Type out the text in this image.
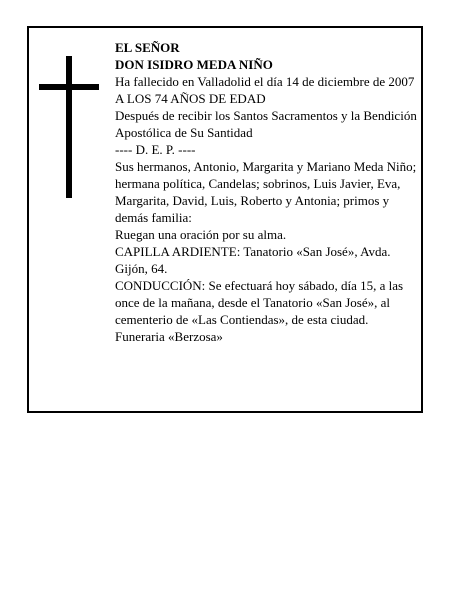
EL SEÑOR

DON ISIDRO MEDA NIÑO

Ha fallecido en Valladolid el día 14 de diciembre de 2007

A LOS 74 AÑOS DE EDAD

Después de recibir los Santos Sacramentos y la Bendición Apostólica de Su Santidad

---- D. E. P. ----

Sus hermanos, Antonio, Margarita y Mariano Meda Niño; hermana política, Candelas; sobrinos, Luis Javier, Eva, Margarita, David, Luis, Roberto y Antonia; primos y demás familia:

Ruegan una oración por su alma.

CAPILLA ARDIENTE: Tanatorio «San José», Avda. Gijón, 64.

CONDUCCIÓN: Se efectuará hoy sábado, día 15, a las once de la mañana, desde el Tanatorio «San José», al cementerio de «Las Contiendas», de esta ciudad.

Funeraria «Berzosa»
